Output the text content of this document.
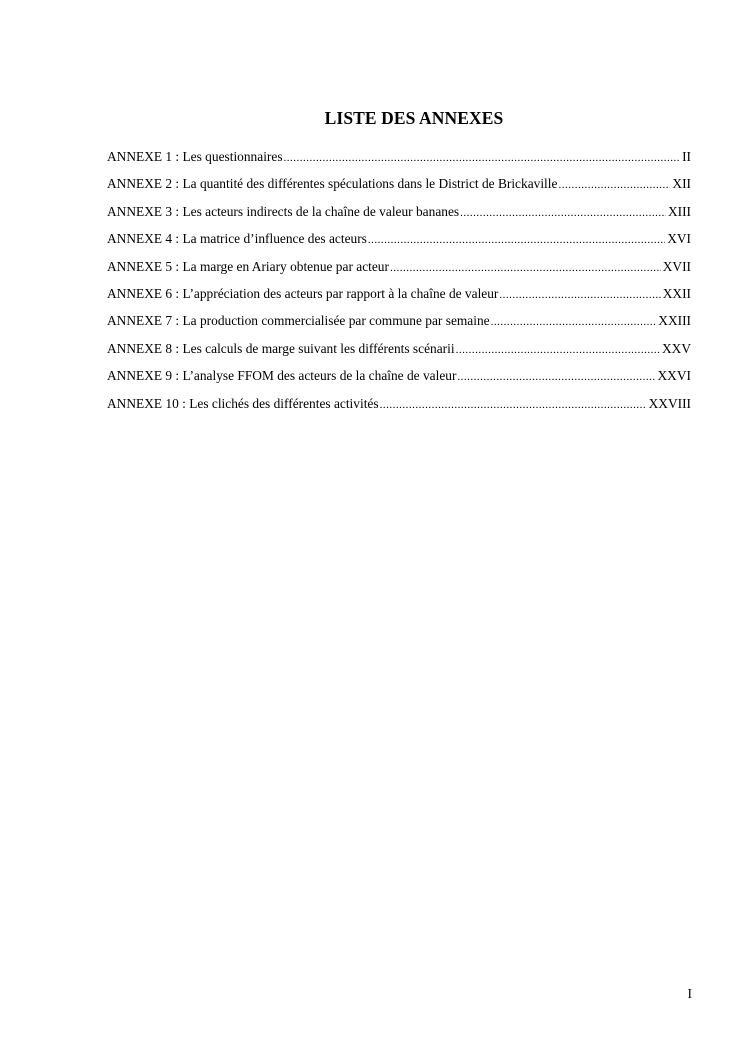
LISTE DES ANNEXES
ANNEXE 1 : Les questionnaires .....	II
ANNEXE 2 : La quantité des différentes spéculations dans le District de Brickaville .....	XII
ANNEXE 3 : Les acteurs indirects de la chaîne de valeur bananes .....	XIII
ANNEXE 4 : La matrice d’influence des acteurs .....	XVI
ANNEXE 5 : La marge en Ariary obtenue par acteur .....	XVII
ANNEXE 6 : L’appréciation des acteurs par rapport à la chaîne de valeur .....	XXII
ANNEXE 7 : La production commercialisée par commune par semaine .....	XXIII
ANNEXE 8 : Les calculs de marge suivant les différents scénarii .....	XXV
ANNEXE 9 : L’analyse FFOM des acteurs de la chaîne de valeur .....	XXVI
ANNEXE 10 : Les clichés des différentes activités .....	XXVIII
I
